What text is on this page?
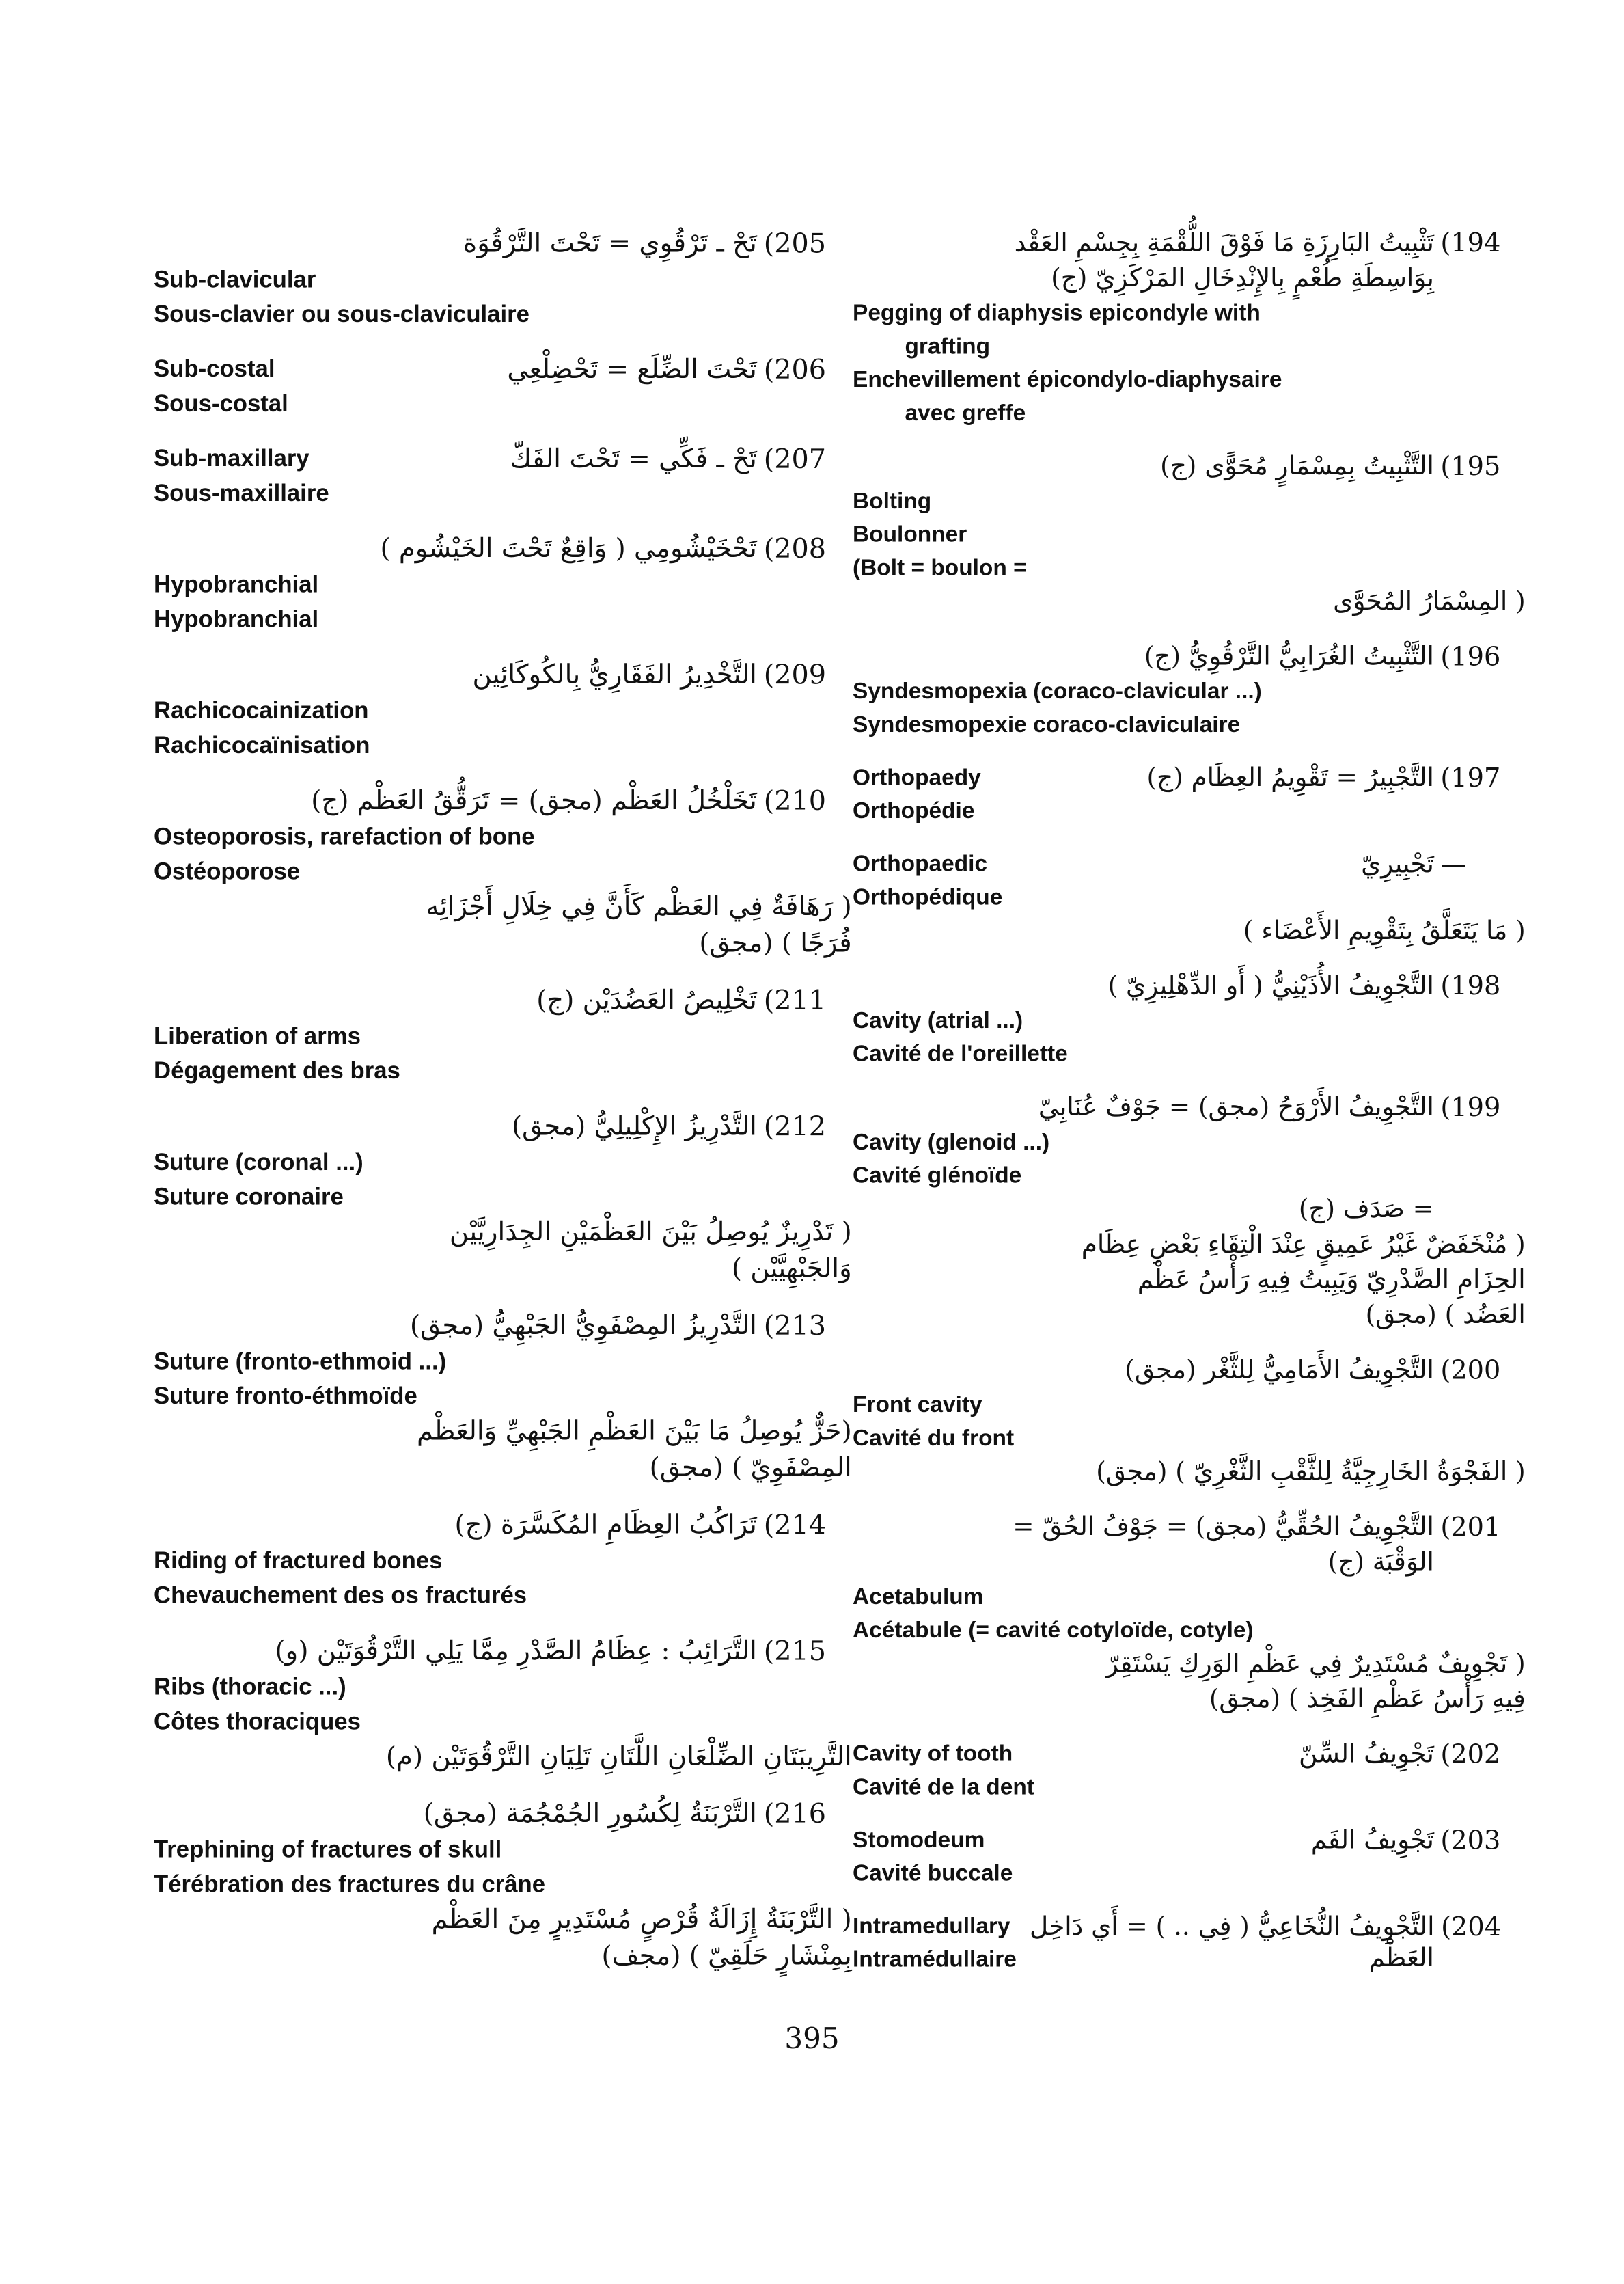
تَحْ ـ تَرْقُوِي = تَحْتَ التَّرْقُوَة (205
Sub-clavicular
Sous-clavier ou sous-claviculaire
Sub-costal
Sous-costal
تَحْتَ الضِّلَع = تَحْضِلْعِي (206
Sub-maxillary
Sous-maxillaire
تَحْ ـ فَكِّي = تَحْتَ الفَكّ (207
تَحْخَيْشُومِي ( وَاقِعٌ تَحْتَ الخَيْشُوم ) (208
Hypobranchial
Hypobranchial
التَّخْدِيرُ الفَقَارِيُّ بِالكُوكَائِين (209
Rachicocainization
Rachicocaïnisation
تَخَلْخُلُ العَظْم (مجق) = تَرَقُّقُ العَظْم (ج) (210
Osteoporosis, rarefaction of bone
Ostéoporose
( رَهَافَةٌ فِي العَظْم كَأَنَّ فِي خِلَالِ أَجْزَائِه
فُرَجًا ) (مجق)
تَخْلِيصُ العَضُدَيْن (ج) (211
Liberation of arms
Dégagement des bras
التَّدْرِيزُ الإِكْلِيلِيُّ (مجق) (212
Suture (coronal ...)
Suture coronaire
( تَدْرِيزٌ يُوصِلُ بَيْنَ العَظْمَيْنِ الجِدَارِيَّيْن
وَالجَبْهِيَّيْن )
التَّدْرِيزُ المِصْفَوِيُّ الجَبْهِيُّ (مجق) (213
Suture (fronto-ethmoid ...)
Suture fronto-éthmoïde
(حَزٌّ يُوصِلُ مَا بَيْنَ العَظْمِ الجَبْهِيِّ وَالعَظْم
المِصْفَوِيّ ) (مجق)
تَرَاكُبُ العِظَامِ المُكَسَّرَة (ج) (214
Riding of fractured bones
Chevauchement des os fracturés
التَّرَائِبُ : عِظَامُ الصَّدْرِ مِمَّا يَلِي التَّرْقُوَتَيْن (و) (215
Ribs (thoracic ...)
Côtes thoraciques
التَّرِيبَتَانِ الضِّلْعَانِ اللَّتَانِ تَلِيَانِ التَّرْقُوَتَيْن (م)
التَّرْبَنَةُ لِكُسُورِ الجُمْجُمَة (مجق) (216
Trephining of fractures of skull
Térébration des fractures du crâne
( التَّرْبَنَةُ إِزَالَةُ قُرْصٍ مُسْتَدِيرٍ مِنَ العَظْم
بِمِنْشَارٍ حَلَقِيّ ) (مجف)
تَثْبِيتُ البَارِزَةِ مَا فَوْقَ اللُّقْمَةِ بِجِسْمِ العَقْد (194
بِوَاسِطَةِ طُعْمٍ بِالإِنْدِخَالِ المَرْكَزِيّ (ج)
Pegging of diaphysis epicondyle with
grafting
Enchevillement épicondylo-diaphysaire
avec greffe
التَّثْبِيتُ بِمِسْمَارٍ مُحَوًّى (ج) (195
Bolting
Boulonner
(Bolt = boulon =
( المِسْمَارُ المُحَوَّى
التَّثْبِيتُ الغُرَابِيُّ التَّرْقُوِيُّ (ج) (196
Syndesmopexia (coraco-clavicular ...)
Syndesmopexie coraco-claviculaire
Orthopaedy
Orthopédie
التَّجْبِيرُ = تَقْوِيمُ العِظَام (ج) (197
Orthopaedic
Orthopédique
تَجْبِيرِيّ —
( مَا يَتَعَلَّقُ بِتَقْوِيمِ الأَعْضَاء )
التَّجْوِيفُ الأُذَيْنِيُّ ( أَو الدِّهْلِيزِيّ ) (198
Cavity (atrial ...)
Cavité de l'oreillette
التَّجْوِيفُ الأَرْوَحُ (مجق) = جَوْفٌ عُنَابِيّ (199
Cavity (glenoid ...)
Cavité glénoïde
= صَدَف (ج)
( مُنْخَفَضٌ غَيْرُ عَمِيقٍ عِنْدَ الْتِقَاءِ بَعْضِ عِظَام
الحِزَامِ الصَّدْرِيّ وَيَبِيتُ فِيهِ رَأْسُ عَظْم
العَضُد ) (مجق)
التَّجْوِيفُ الأَمَامِيُّ لِلثَّغْر (مجق) (200
Front cavity
Cavité du front
( الفَجْوَةُ الخَارِجِيَّةُ لِلثَّقْبِ الثَّغْرِيّ ) (مجق)
التَّجْوِيفُ الحُقِّيُّ (مجق) = جَوْفُ الحُقّ = (201
الوَقْبَة (ج)
Acetabulum
Acétabule (= cavité cotyloïde, cotyle)
( تَجْوِيفٌ مُسْتَدِيرٌ فِي عَظْمِ الوَرِكِ يَسْتَقِرّ
فِيهِ رَأْسُ عَظْمِ الفَخِذ ) (مجق)
Cavity of tooth
Cavité de la dent
تَجْوِيفُ السِّنّ (202
Stomodeum
Cavité buccale
تَجْوِيفُ الفَم (203
Intramedullary
Intramédullaire
التَّجْوِيفُ النُّخَاعِيُّ ( فِي .. ) = أَي دَاخِل (204
العَظْم
395
